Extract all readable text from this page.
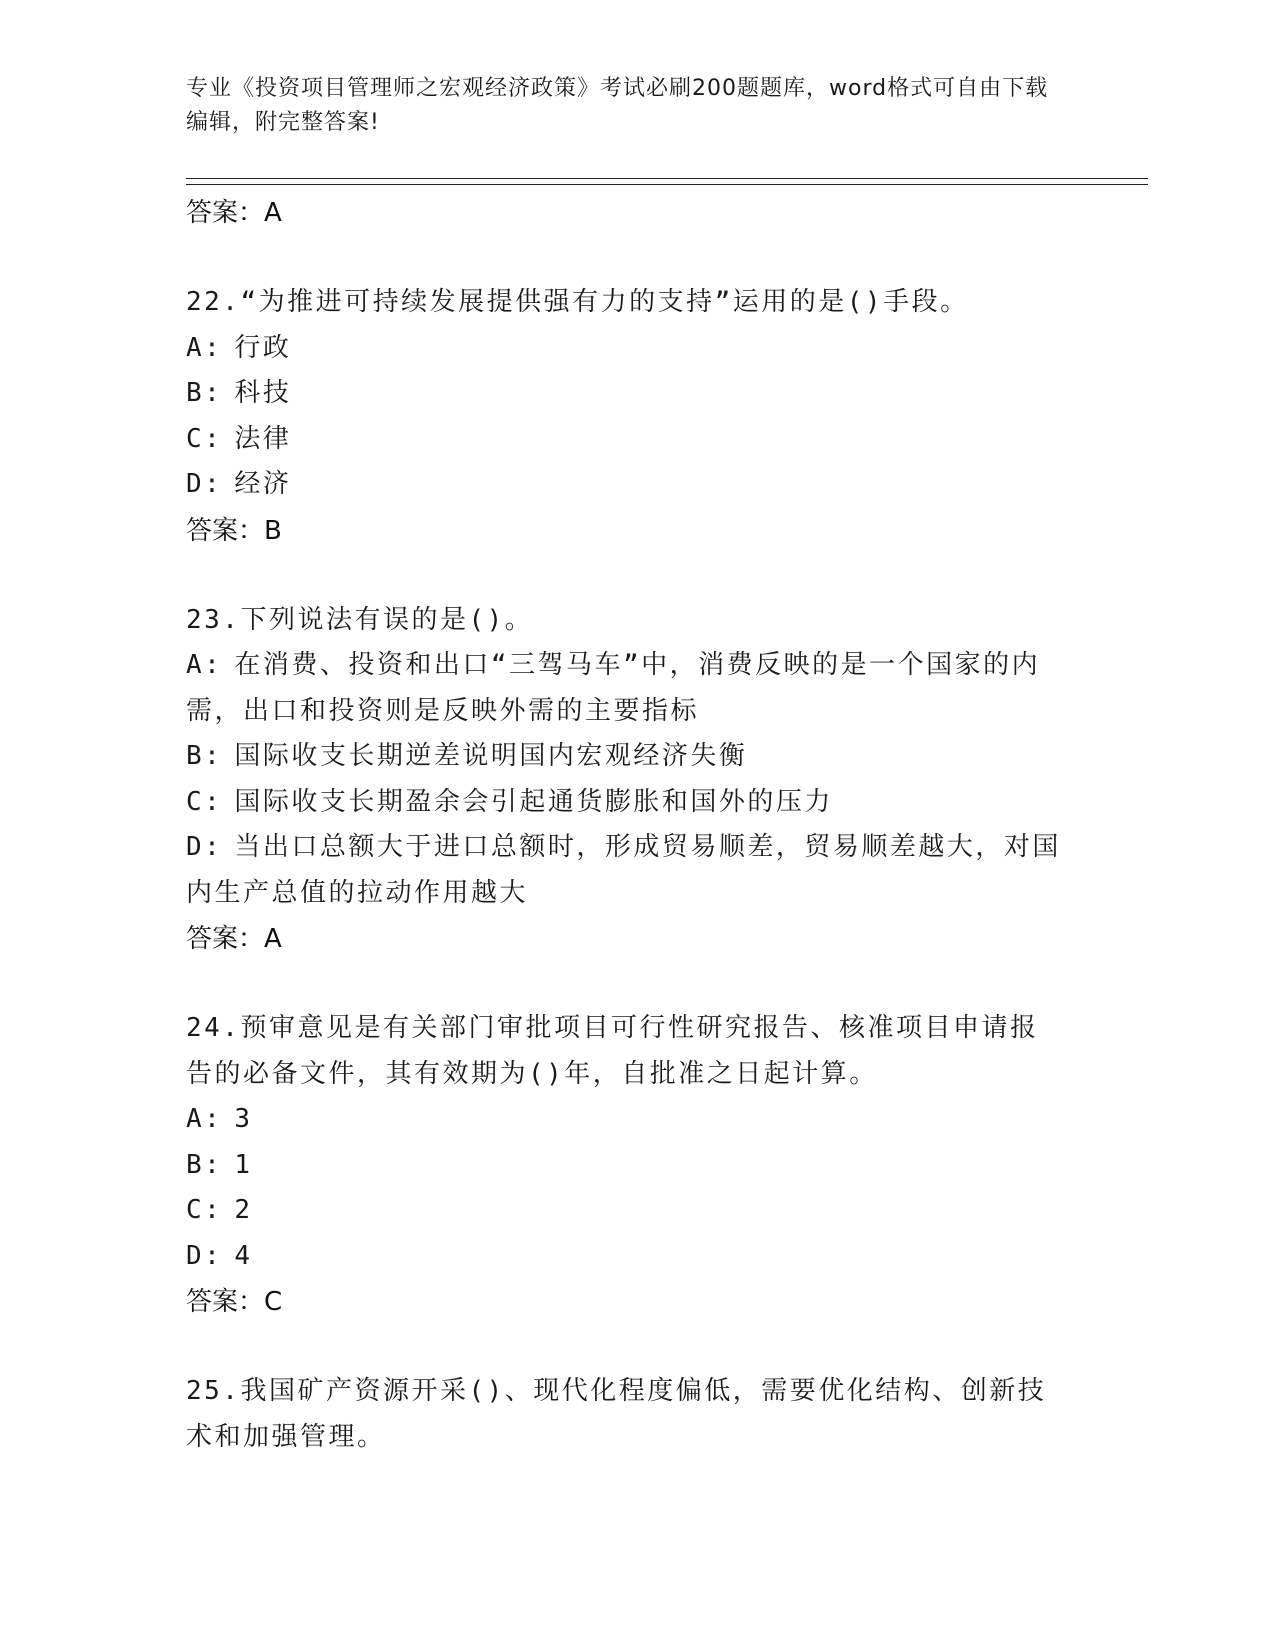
专业《投资项目管理师之宏观经济政策》考试必刷200题题库，word格式可自由下载编辑，附完整答案!
答案：A
22.“为推进可持续发展提供强有力的支持”运用的是()手段。
A: 行政
B: 科技
C: 法律
D: 经济
答案：B
23.下列说法有误的是()。
A: 在消费、投资和出口“三驾马车”中，消费反映的是一个国家的内需，出口和投资则是反映外需的主要指标
B: 国际收支长期逆差说明国内宏观经济失衡
C: 国际收支长期盈余会引起通货膨胀和国外的压力
D: 当出口总额大于进口总额时，形成贸易顺差，贸易顺差越大，对国内生产总值的拉动作用越大
答案：A
24.预审意见是有关部门审批项目可行性研究报告、核准项目申请报告的必备文件，其有效期为()年，自批准之日起计算。
A: 3
B: 1
C: 2
D: 4
答案：C
25.我国矿产资源开采()、现代化程度偏低，需要优化结构、创新技术和加强管理。
